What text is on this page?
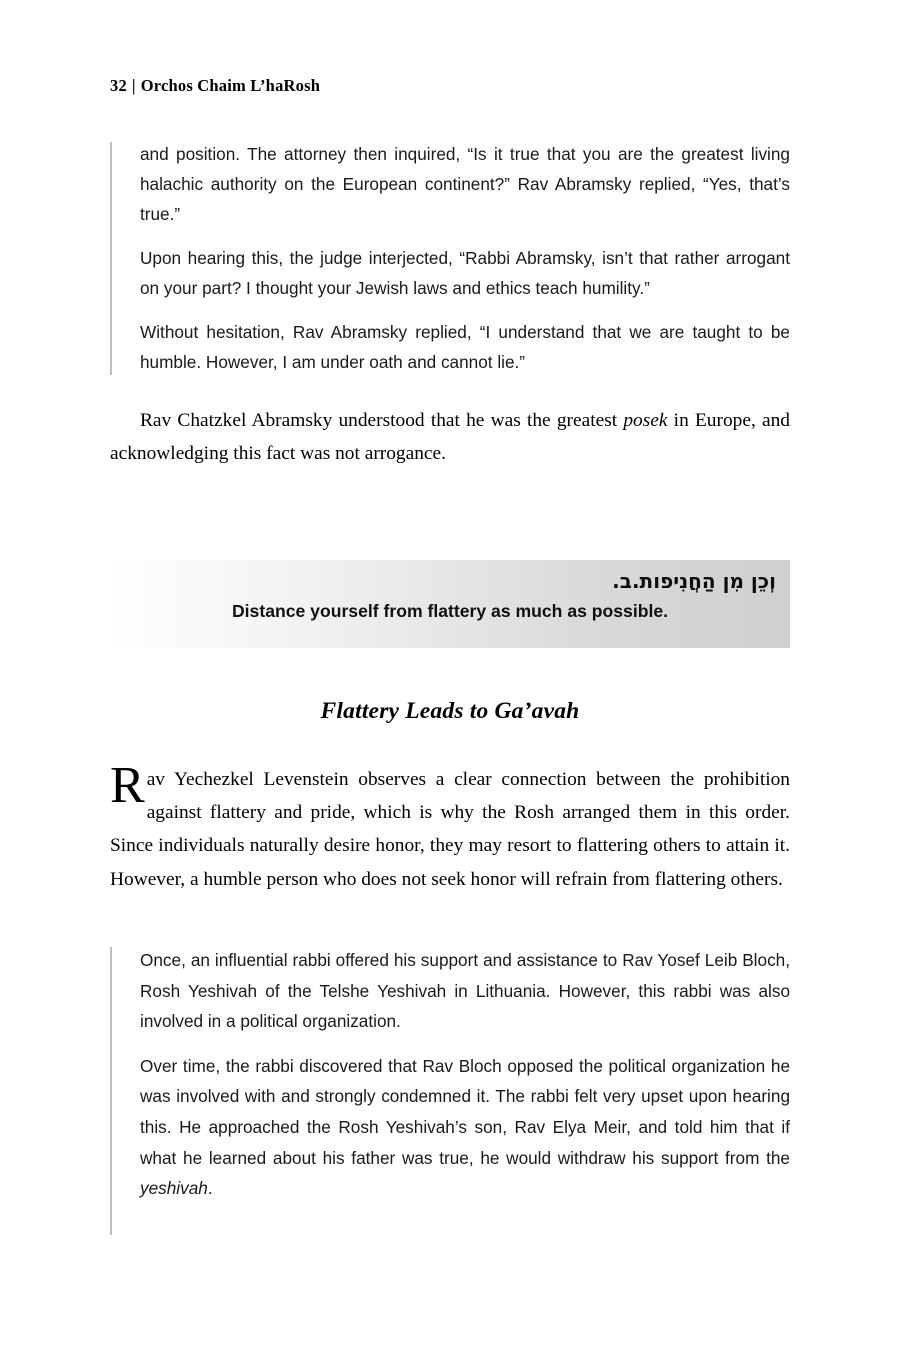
32 | Orchos Chaim L’haRosh

and position. The attorney then inquired, “Is it true that you are the greatest living halachic authority on the European continent?” Rav Abramsky replied, “Yes, that’s true.”

Upon hearing this, the judge interjected, “Rabbi Abramsky, isn’t that rather arrogant on your part? I thought your Jewish laws and ethics teach humility.”

Without hesitation, Rav Abramsky replied, “I understand that we are taught to be humble. However, I am under oath and cannot lie.”

Rav Chatzkel Abramsky understood that he was the greatest posek in Europe, and acknowledging this fact was not arrogance.

וְכֵן מִן הַחֲנִיפות.ב.
Distance yourself from flattery as much as possible.
Flattery Leads to Ga’avah
Rav Yechezkel Levenstein observes a clear connection between the prohibition against flattery and pride, which is why the Rosh arranged them in this order. Since individuals naturally desire honor, they may resort to flattering others to attain it. However, a humble person who does not seek honor will refrain from flattering others.

Once, an influential rabbi offered his support and assistance to Rav Yosef Leib Bloch, Rosh Yeshivah of the Telshe Yeshivah in Lithuania. However, this rabbi was also involved in a political organization.

Over time, the rabbi discovered that Rav Bloch opposed the political organization he was involved with and strongly condemned it. The rabbi felt very upset upon hearing this. He approached the Rosh Yeshivah’s son, Rav Elya Meir, and told him that if what he learned about his father was true, he would withdraw his support from the yeshivah.
